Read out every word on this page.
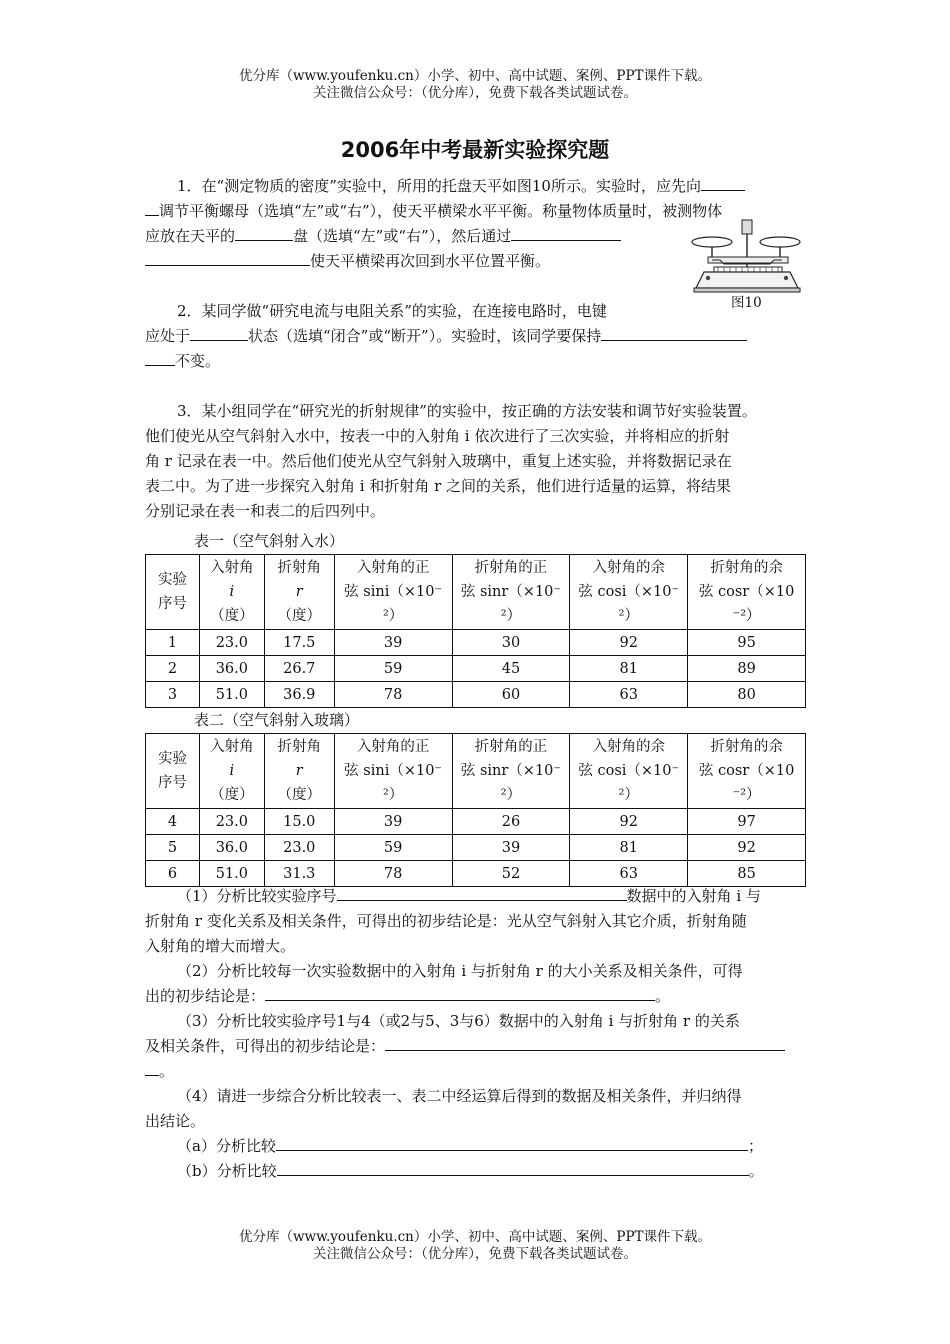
优分库（www.youfenku.cn）小学、初中、高中试题、案例、PPT课件下载。
关注微信公众号：（优分库），免费下载各类试题试卷。
2006年中考最新实验探究题
1．在“测定物质的密度”实验中，所用的托盘天平如图10所示。实验时，应先向
调节平衡螺母（选填“左”或“右”），使天平横梁水平平衡。称量物体质量时，被测物体
应放在天平的	盘（选填“左”或“右”），然后通过
使天平横梁再次回到水平位置平衡。
图10
2．某同学做“研究电流与电阻关系”的实验，在连接电路时，电键
应处于	状态（选填“闭合”或“断开”）。实验时，该同学要保持
不变。
3．某小组同学在“研究光的折射规律”的实验中，按正确的方法安装和调节好实验装置。
他们使光从空气斜射入水中，按表一中的入射角 i 依次进行了三次实验，并将相应的折射
角 r 记录在表一中。然后他们使光从空气斜射入玻璃中，重复上述实验，并将数据记录在
表二中。为了进一步探究入射角 i 和折射角 r 之间的关系，他们进行适量的运算，将结果
分别记录在表一和表二的后四列中。
表一（空气斜射入水）
实验
序号	入射角
i
（度）	折射角
r
（度）	入射角的正
弦 sini（×10⁻
²）	折射角的正
弦 sinr（×10⁻
²）	入射角的余
弦 cosi（×10⁻
²）	折射角的余
弦 cosr（×10
⁻²）
1	23.0	17.5	39	30	92	95
2	36.0	26.7	59	45	81	89
3	51.0	36.9	78	60	63	80
表二（空气斜射入玻璃）
实验
序号	入射角
i
（度）	折射角
r
（度）	入射角的正
弦 sini（×10⁻
²）	折射角的正
弦 sinr（×10⁻
²）	入射角的余
弦 cosi（×10⁻
²）	折射角的余
弦 cosr（×10
⁻²）
4	23.0	15.0	39	26	92	97
5	36.0	23.0	59	39	81	92
6	51.0	31.3	78	52	63	85
（1）分析比较实验序号	数据中的入射角 i 与
折射角 r 变化关系及相关条件，可得出的初步结论是：光从空气斜射入其它介质，折射角随
入射角的增大而增大。
（2）分析比较每一次实验数据中的入射角 i 与折射角 r 的大小关系及相关条件，可得
出的初步结论是：	。
（3）分析比较实验序号1与4（或2与5、3与6）数据中的入射角 i 与折射角 r 的关系
及相关条件，可得出的初步结论是：
。
（4）请进一步综合分析比较表一、表二中经运算后得到的数据及相关条件，并归纳得
出结论。
（a）分析比较	；
（b）分析比较	。
优分库（www.youfenku.cn）小学、初中、高中试题、案例、PPT课件下载。
关注微信公众号：（优分库），免费下载各类试题试卷。
